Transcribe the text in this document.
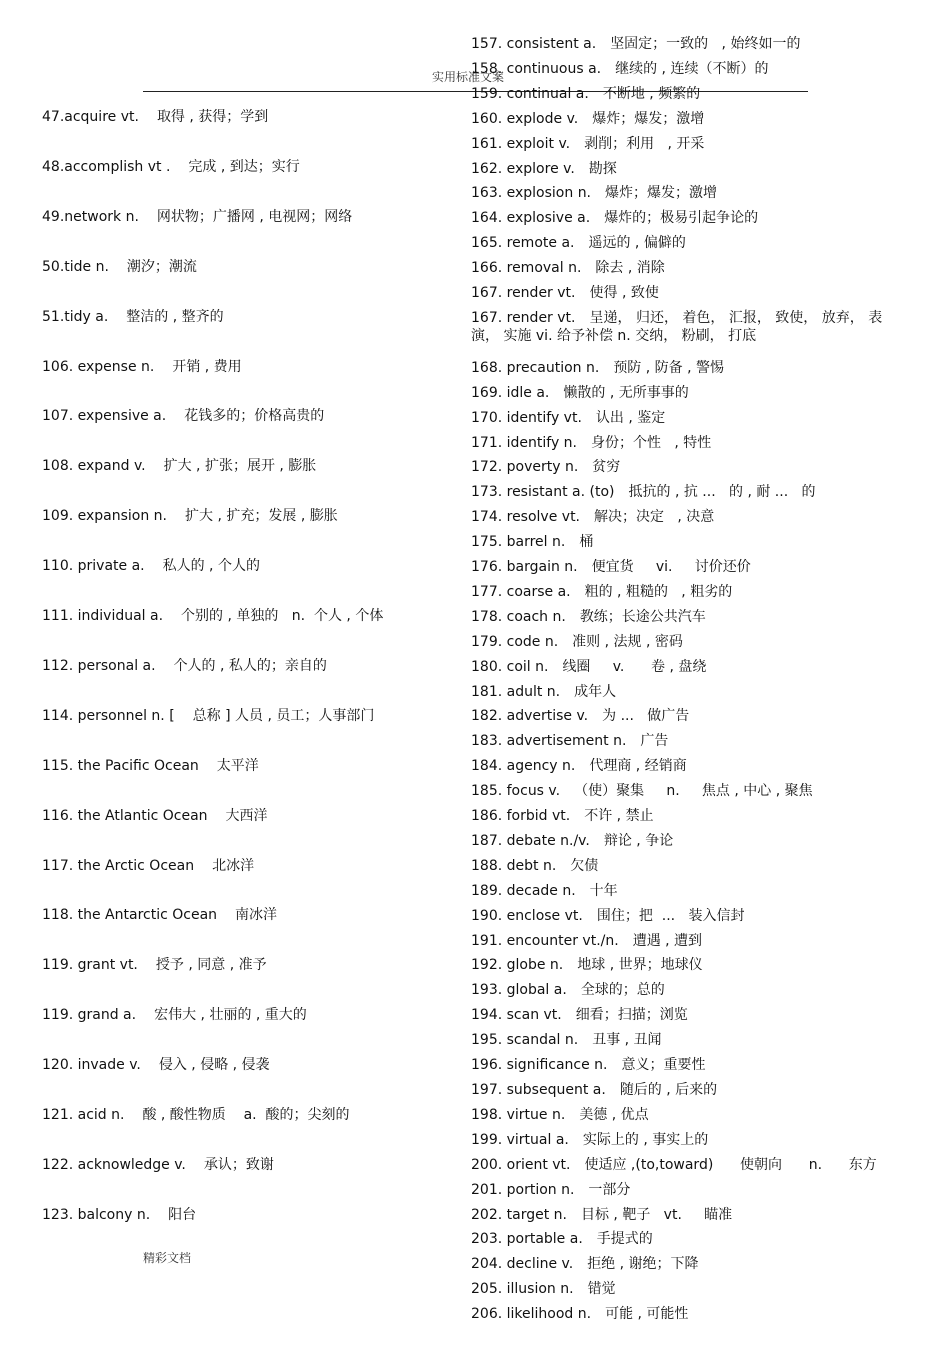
实用标准文案
47.acquire vt. 取得 , 获得；学到
48.accomplish vt . 完成 , 到达；实行
49.network n. 网状物；广播网 , 电视网；网络
50.tide n. 潮汐；潮流
51.tidy a. 整洁的 , 整齐的
106. expense n. 开销 , 费用
107. expensive a. 花钱多的；价格高贵的
108. expand v. 扩大 , 扩张；展开 , 膨胀
109. expansion n. 扩大 , 扩充；发展 , 膨胀
110. private a. 私人的 , 个人的
111. individual a. 个别的 , 单独的   n.  个人 , 个体
112. personal a. 个人的 , 私人的；亲自的
114. personnel n. [ 总称 ] 人员 , 员工；人事部门
115. the Pacific Ocean 太平洋
116. the Atlantic Ocean 大西洋
117. the Arctic Ocean 北冰洋
118. the Antarctic Ocean 南冰洋
119. grant vt. 授予 , 同意 , 准予
119. grand a. 宏伟大 , 壮丽的 , 重大的
120. invade v. 侵入 , 侵略 , 侵袭
121. acid n. 酸 , 酸性物质    a.  酸的；尖刻的
122. acknowledge v. 承认；致谢
123. balcony n. 阳台
157. consistent a. 坚固定；一致的   , 始终如一的
158. continuous a. 继续的 , 连续（不断）的
159. continual a. 不断地 , 频繁的
160. explode v. 爆炸；爆发；激增
161. exploit v. 剥削；利用   , 开采
162. explore v. 勘探
163. explosion n. 爆炸；爆发；激增
164. explosive a. 爆炸的；极易引起争论的
165. remote a. 遥远的 , 偏僻的
166. removal n. 除去 , 消除
167. render vt. 使得 , 致使
167. render vt. 呈递， 归还， 着色， 汇报， 致使， 放弃， 表演， 实施 vi. 给予补偿 n. 交纳， 粉刷， 打底
168. precaution n. 预防 , 防备 , 警惕
169. idle a. 懒散的 , 无所事事的
170. identify vt. 认出 , 鉴定
171. identify n. 身份；个性   , 特性
172. poverty n. 贫穷
173. resistant a. (to) 抵抗的 , 抗 ...   的 , 耐 ...   的
174. resolve vt. 解决；决定   , 决意
175. barrel n. 桶
176. bargain n. 便宜货     vi.     讨价还价
177. coarse a. 粗的 , 粗糙的   , 粗劣的
178. coach n. 教练；长途公共汽车
179. code n. 准则 , 法规 , 密码
180. coil n. 线圈     v.      卷 , 盘绕
181. adult n. 成年人
182. advertise v. 为 ...   做广告
183. advertisement n. 广告
184. agency n. 代理商 , 经销商
185. focus v. （使）聚集     n.     焦点 , 中心 , 聚焦
186. forbid vt. 不许 , 禁止
187. debate n./v. 辩论 , 争论
188. debt n. 欠债
189. decade n. 十年
190. enclose vt. 围住；把  ...   装入信封
191. encounter vt./n. 遭遇 , 遭到
192. globe n. 地球 , 世界；地球仪
193. global a. 全球的；总的
194. scan vt. 细看；扫描；浏览
195. scandal n. 丑事 , 丑闻
196. significance n. 意义；重要性
197. subsequent a. 随后的 , 后来的
198. virtue n. 美德 , 优点
199. virtual a. 实际上的 , 事实上的
200. orient vt. 使适应 ,(to,toward)      使朝向      n.      东方
201. portion n. 一部分
202. target n. 目标 , 靶子   vt.     瞄准
203. portable a. 手提式的
204. decline v. 拒绝 , 谢绝；下降
205. illusion n. 错觉
206. likelihood n. 可能 , 可能性
精彩文档
